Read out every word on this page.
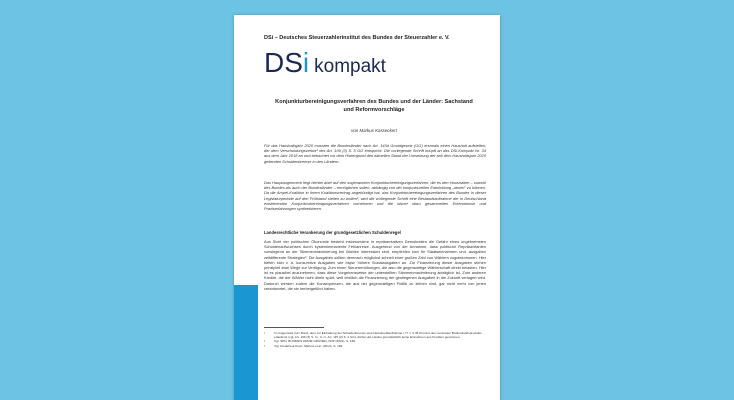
DSi – Deutsches Steuerzahlerinstitut des Bundes der Steuerzahler e. V.
DSi kompakt
Konjunkturbereinigungsverfahren des Bundes und der Länder: Sachstand und Reformvorschläge
von Markus Kasseckert

Für das Haushaltsjahr 2020 mussten die Bundesländer nach Art. 143d Grundgesetz (GG) erstmals einen Haushalt aufstellen, der dem Verschuldungsverbot¹ des Art. 109 (3) S. 5 GG entspricht. Die vorliegende Schrift knüpft an das DSi-Kompakt Nr. 34 aus dem Jahr 2018 an und betrachtet vor dem Hintergrund den aktuellen Stand der Umsetzung der seit dem Haushaltsjahr 2020 geltenden Schuldenbremse in den Ländern.

Das Hauptaugenmerk liegt hierbei aber auf den sogenannten Konjunkturbereinigungsverfahren, die es den Haushalten – sowohl des Bundes als auch der Bundesländer – ermöglichen sollen, abhängig von der konjunkturellen Entwicklung „atmen“ zu können. Da die Ampel-Koalition in ihrem Koalitionsvertrag angekündigt hat, das Konjunkturbereinigungsverfahren des Bundes in dieser Legislaturperiode auf den Prüfstand stellen zu wollen², wird die vorliegende Schrift eine Bestandsaufnahme der in Deutschland existierenden Konjunkturbereinigungsverfahren vornehmen und die bisher dazu gesammelten Erkenntnisse und Praxiserfahrungen synthetisieren.

Landesrechtliche Verankerung der grundgesetzlichen Schuldenregel

Aus Sicht der politischen Ökonomie besteht insbesondere in repräsentativen Demokratien die Gefahr eines ungebremsten Schuldenaufwuchses durch systemimmanente Fehlanreize. Ausgehend von der Annahme, dass politische Repräsentanten vorwiegend an der Stimmenmaximierung bei Wahlen interessiert sind, empfehlen sich für Staatseinnahmen und -ausgaben zeitdifferente Strategien³. Die Ausgaben sollten demnach möglichst schnell einer großen Zahl von Wählern zugutekommen. Hier bieten sich v. a. konsumtive Ausgaben wie bspw. höhere Sozialausgaben an. Zur Finanzierung dieser Ausgaben stehen prinzipiell zwei Wege zur Verfügung. Zum einen Steuererhöhungen, die also die gegenwärtige Wählerschaft direkt belasten. Hier ist es plausibel anzunehmen, dass diese Vorgehensweise der unterstellten Stimmenmaximierung abträglich ist. Zum anderen Kredite, die der Wähler nicht direkt spürt, weil letztlich die Finanzierung der gestiegenen Ausgaben in die Zukunft verlagert wird. Dadurch werden zudem die Konsequenzen, die aus der gegenwärtigen Politik zu ziehen sind, gar nicht mehr von jenen verantwortet, die sie herbeigeführt haben.

¹	Im Gegensatz zum Bund, dem zur Einhaltung der Schuldenbremse eine Nettokreditaufnahme i. H. v. 0,35 Prozent des nominalen Bruttoinlandsprodukts erlaubt ist (vgl. Art. 109 (3) S. 4 i. V. m. Art. 115 (2) S. 2 GG), dürfen die Länder grundsätzlich keine Einnahmen aus Krediten generieren.
²	Vgl. SPD, BÜNDNIS 90/DIE GRÜNEN, FDP (2021), S. 160.
³	Vgl. Fredebeul-Krein, Markus et al. (2014), S. 169.
